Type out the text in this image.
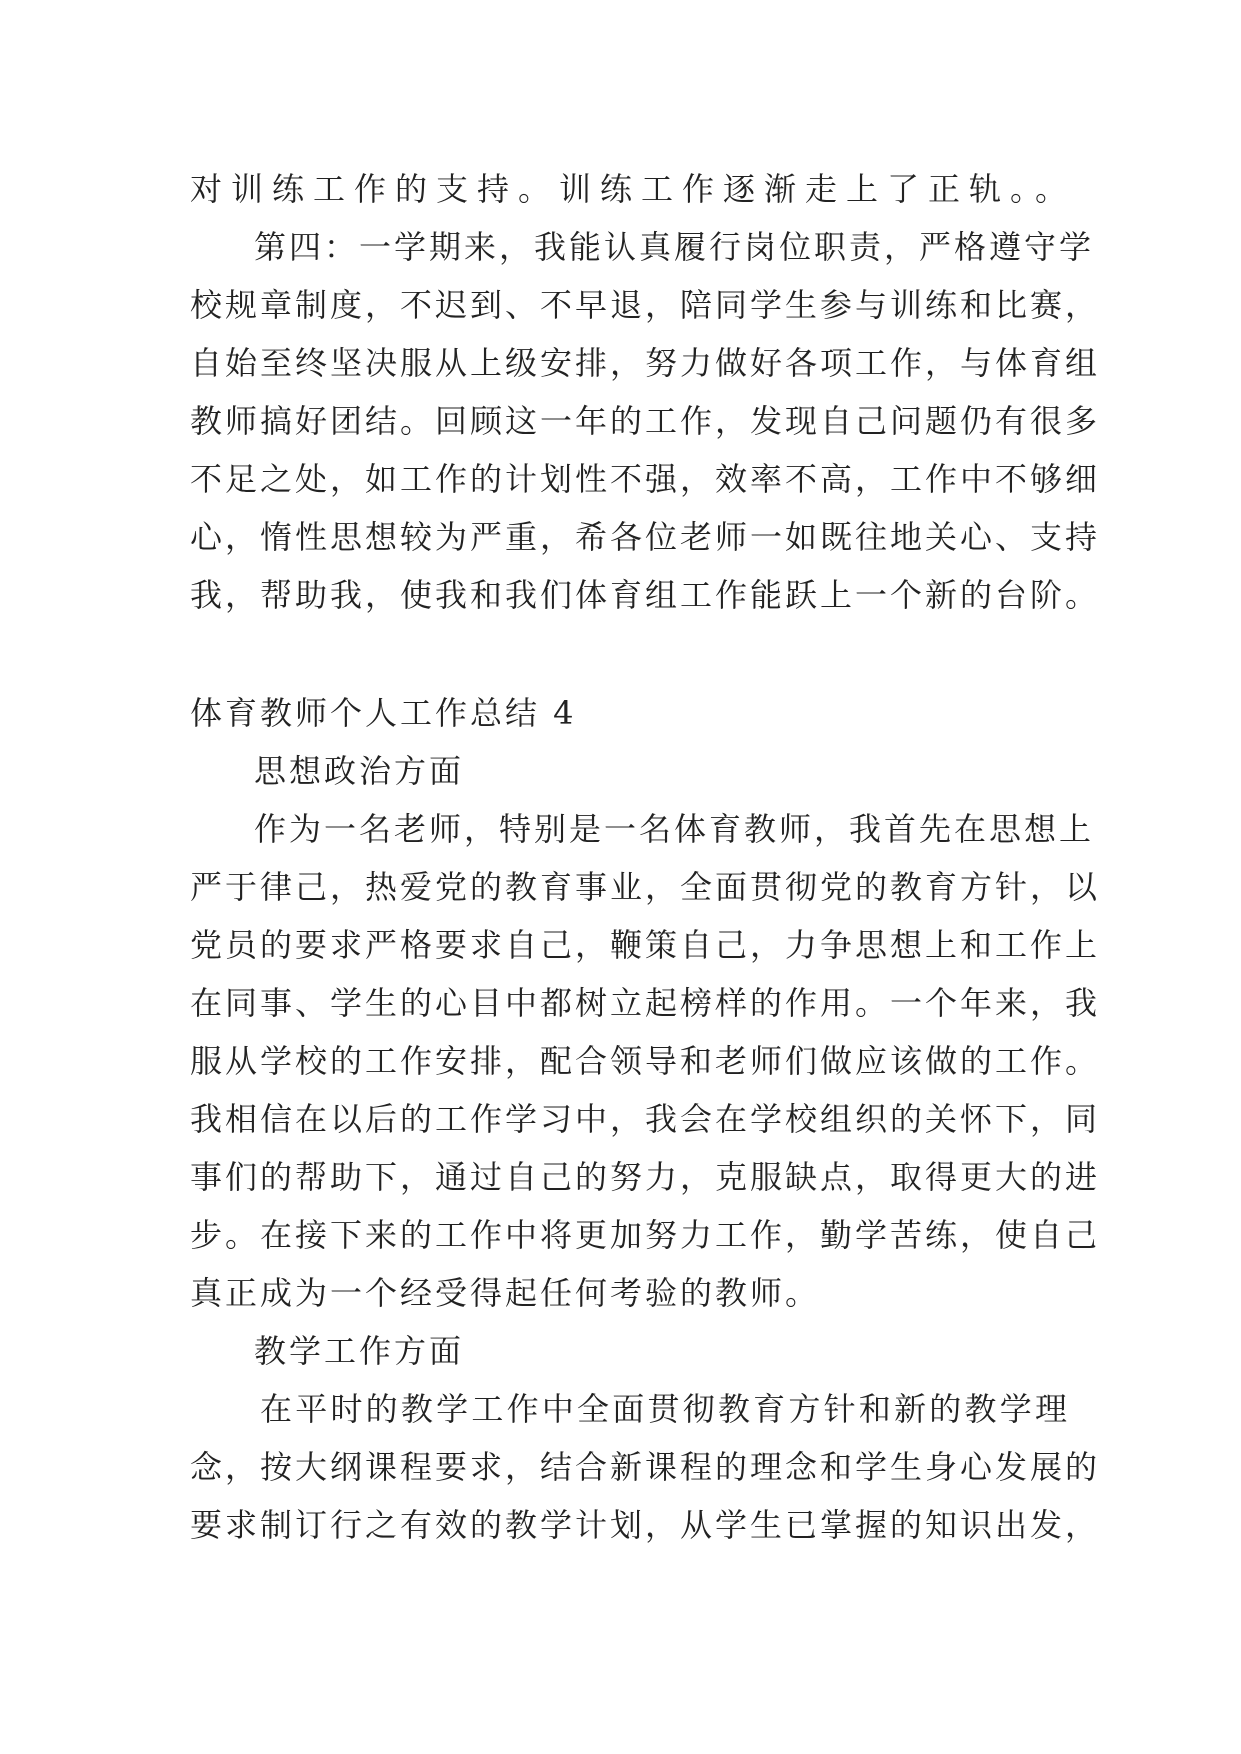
对训练工作的支持。训练工作逐渐走上了正轨。。
第四：一学期来，我能认真履行岗位职责，严格遵守学
校规章制度，不迟到、不早退，陪同学生参与训练和比赛，
自始至终坚决服从上级安排，努力做好各项工作，与体育组
教师搞好团结。回顾这一年的工作，发现自己问题仍有很多
不足之处，如工作的计划性不强，效率不高，工作中不够细
心，惰性思想较为严重，希各位老师一如既往地关心、支持
我，帮助我，使我和我们体育组工作能跃上一个新的台阶。
体育教师个人工作总结 4
思想政治方面
作为一名老师，特别是一名体育教师，我首先在思想上
严于律己，热爱党的教育事业，全面贯彻党的教育方针，以
党员的要求严格要求自己，鞭策自己，力争思想上和工作上
在同事、学生的心目中都树立起榜样的作用。一个年来，我
服从学校的工作安排，配合领导和老师们做应该做的工作。
我相信在以后的工作学习中，我会在学校组织的关怀下，同
事们的帮助下，通过自己的努力，克服缺点，取得更大的进
步。在接下来的工作中将更加努力工作，勤学苦练，使自己
真正成为一个经受得起任何考验的教师。
教学工作方面
在平时的教学工作中全面贯彻教育方针和新的教学理
念，按大纲课程要求，结合新课程的理念和学生身心发展的
要求制订行之有效的教学计划，从学生已掌握的知识出发，
